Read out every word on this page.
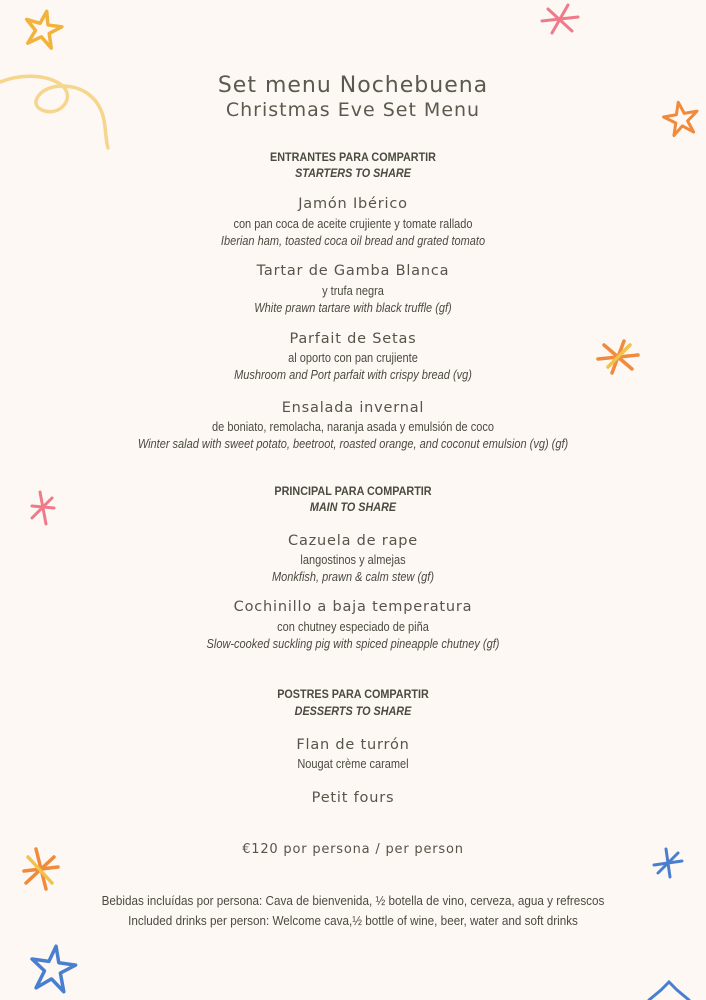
Set menu Nochebuena
Christmas Eve Set Menu
ENTRANTES PARA COMPARTIR
STARTERS TO SHARE
Jamón Ibérico
con pan coca de aceite crujiente y tomate rallado
Iberian ham, toasted coca oil bread and grated tomato
Tartar de Gamba Blanca
y trufa negra
White prawn tartare with black truffle (gf)
Parfait de Setas
al oporto con pan crujiente
Mushroom and Port parfait with crispy bread (vg)
Ensalada invernal
de boniato, remolacha, naranja asada y emulsión de coco
Winter salad with sweet potato, beetroot, roasted orange, and coconut emulsion (vg) (gf)
PRINCIPAL PARA COMPARTIR
MAIN TO SHARE
Cazuela de rape
langostinos y almejas
Monkfish, prawn & calm stew (gf)
Cochinillo a baja temperatura
con chutney especiado de piña
Slow-cooked suckling pig with spiced pineapple chutney (gf)
POSTRES PARA COMPARTIR
DESSERTS TO SHARE
Flan de turrón
Nougat crème caramel
Petit fours
€120 por persona / per person
Bebidas incluídas por persona: Cava de bienvenida, ½ botella de vino, cerveza, agua y refrescos
Included drinks per person: Welcome cava,½ bottle of wine, beer, water and soft drinks
